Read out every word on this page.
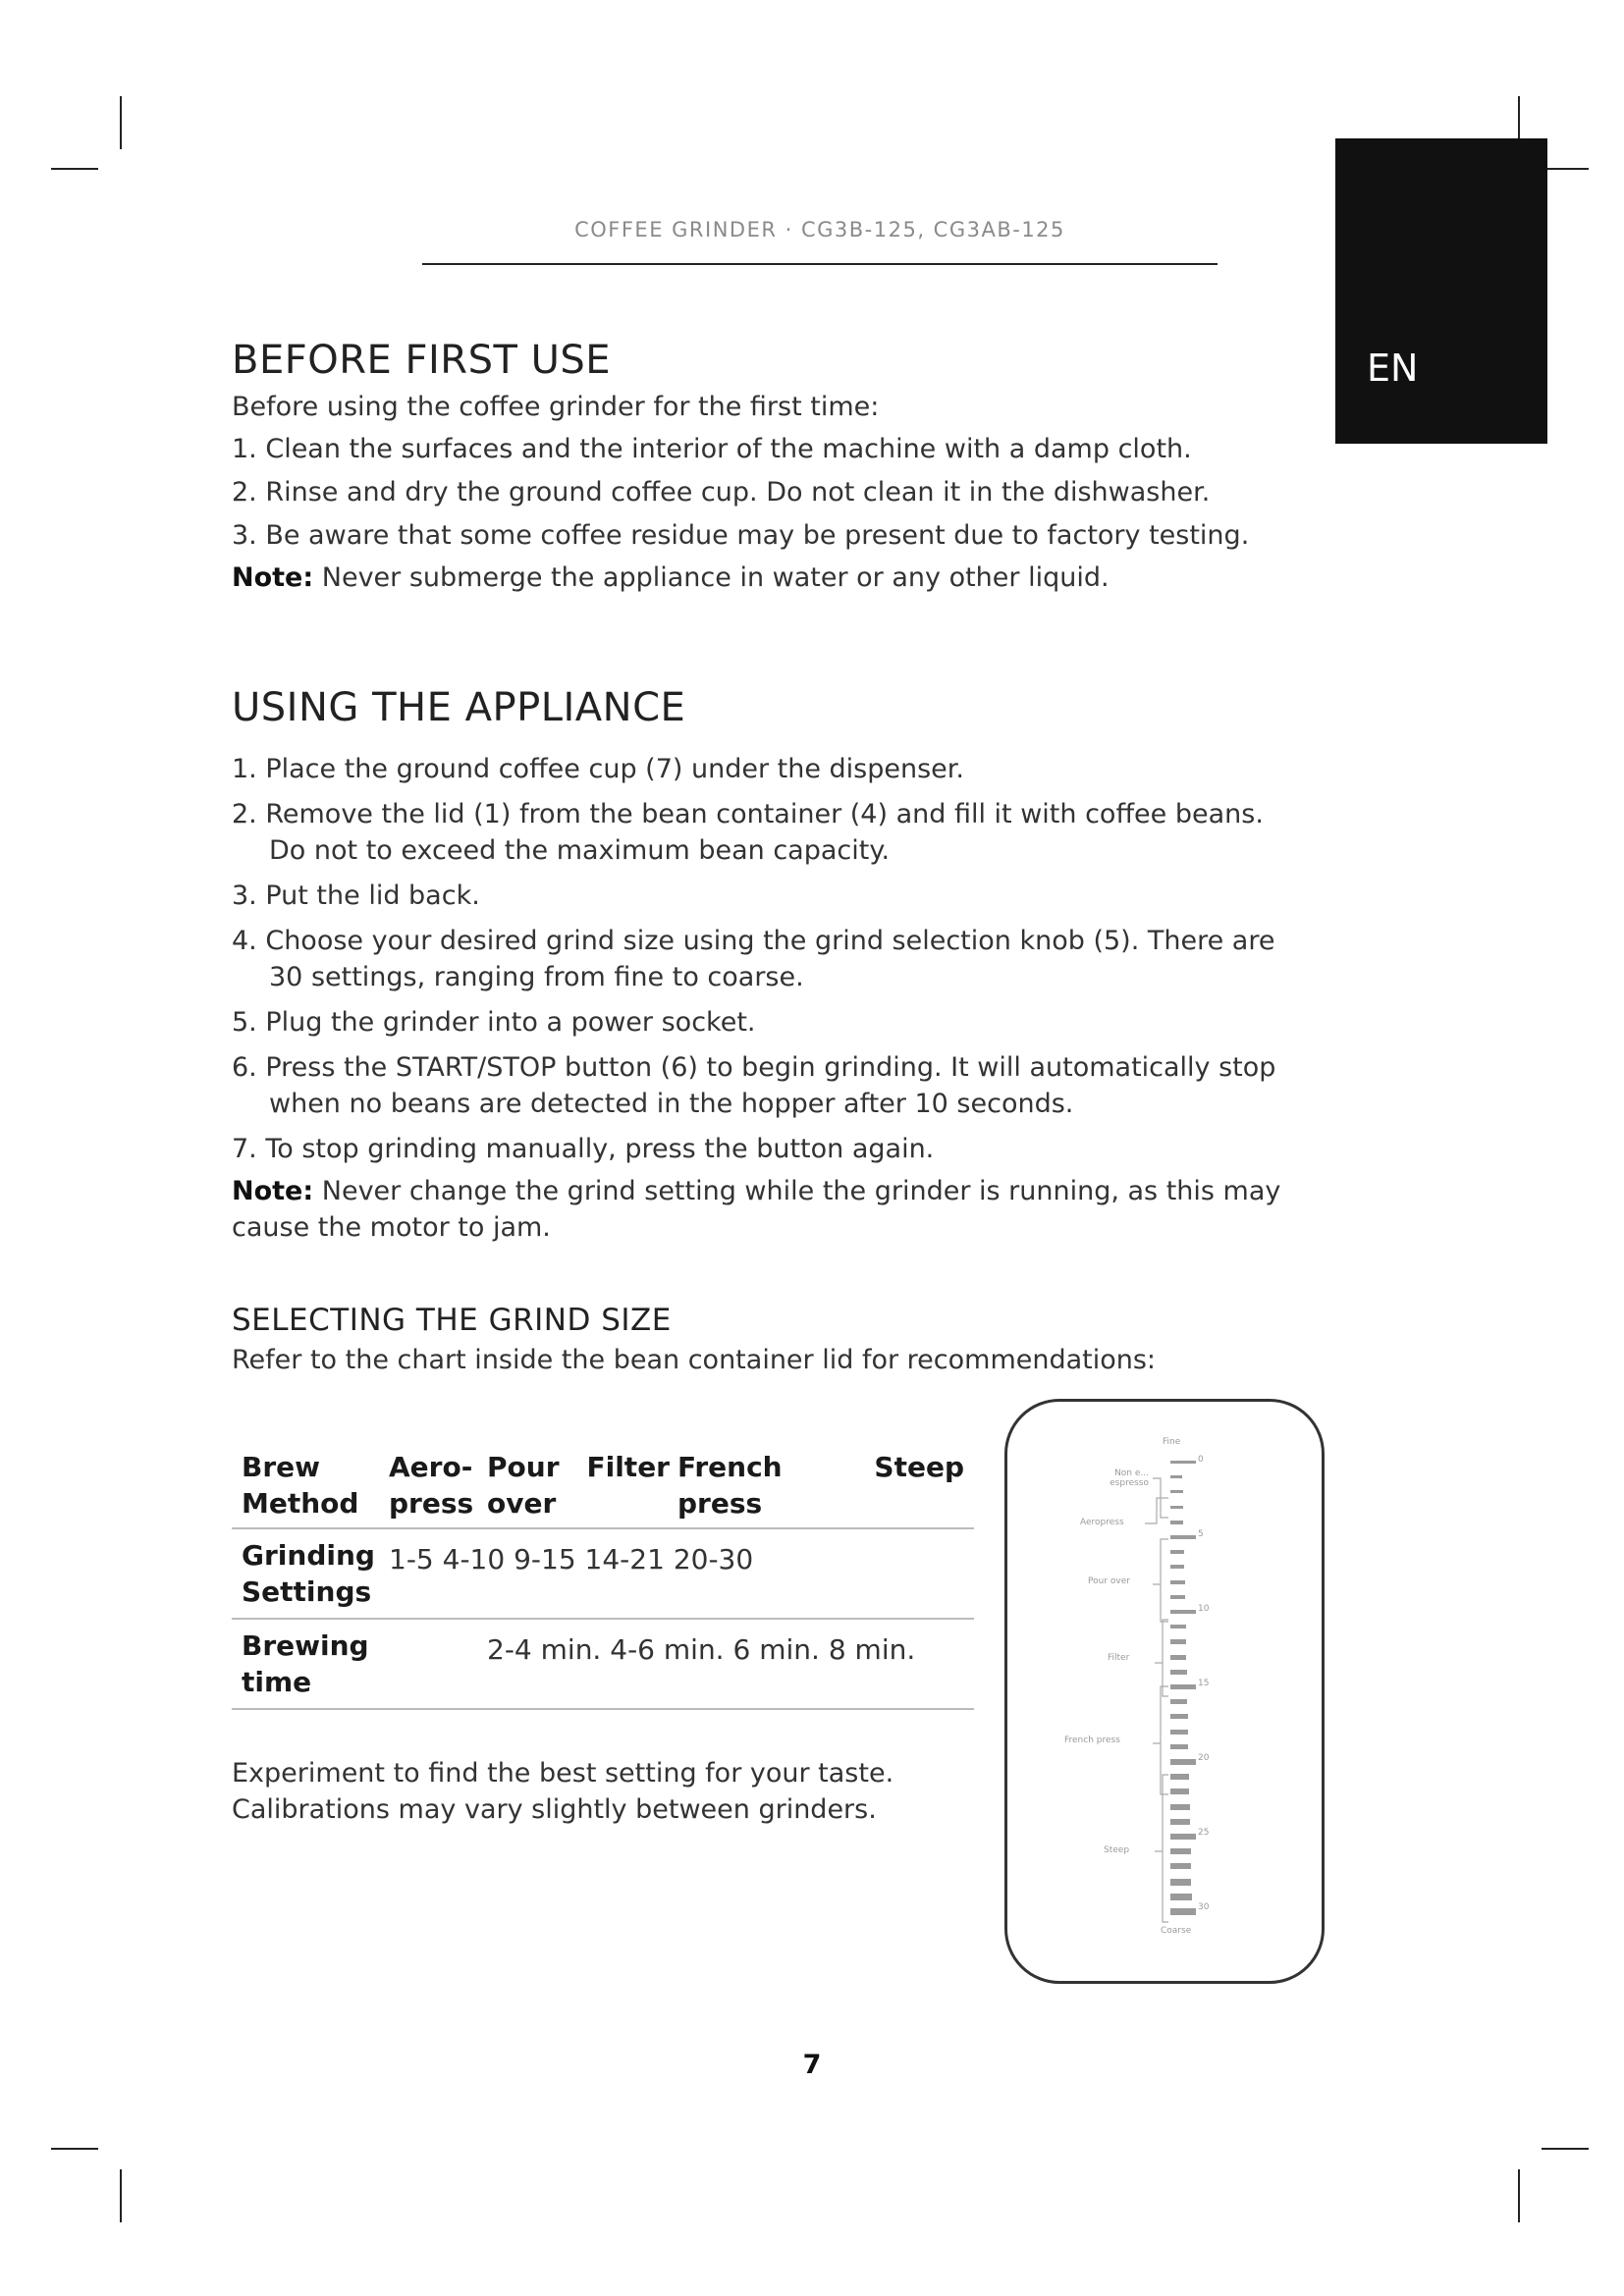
COFFEE GRINDER · CG3B-125, CG3AB-125
EN
BEFORE FIRST USE
Before using the coffee grinder for the first time:
1. Clean the surfaces and the interior of the machine with a damp cloth.
2. Rinse and dry the ground coffee cup. Do not clean it in the dishwasher.
3. Be aware that some coffee residue may be present due to factory testing.
Note: Never submerge the appliance in water or any other liquid.
USING THE APPLIANCE
1. Place the ground coffee cup (7) under the dispenser.
2. Remove the lid (1) from the bean container (4) and fill it with coffee beans. Do not to exceed the maximum bean capacity.
3. Put the lid back.
4. Choose your desired grind size using the grind selection knob (5). There are 30 settings, ranging from fine to coarse.
5. Plug the grinder into a power socket.
6. Press the START/STOP button (6) to begin grinding. It will automatically stop when no beans are detected in the hopper after 10 seconds.
7. To stop grinding manually, press the button again.
Note: Never change the grind setting while the grinder is running, as this may cause the motor to jam.
SELECTING THE GRIND SIZE
Refer to the chart inside the bean container lid for recommendations:
Brew Method	Aero-press	Pour over	Filter	French press	Steep
Grinding Settings	1-5 4-10 9-15 14-21 20-30				
Brewing time		2-4 min. 4-6 min. 6 min. 8 min.			
Experiment to find the best setting for your taste.
Calibrations may vary slightly between grinders.
Fine
Coarse
0
5
10
15
20
25
30
Non e... espresso
Aeropress
Pour over
Filter
French press
Steep
7
